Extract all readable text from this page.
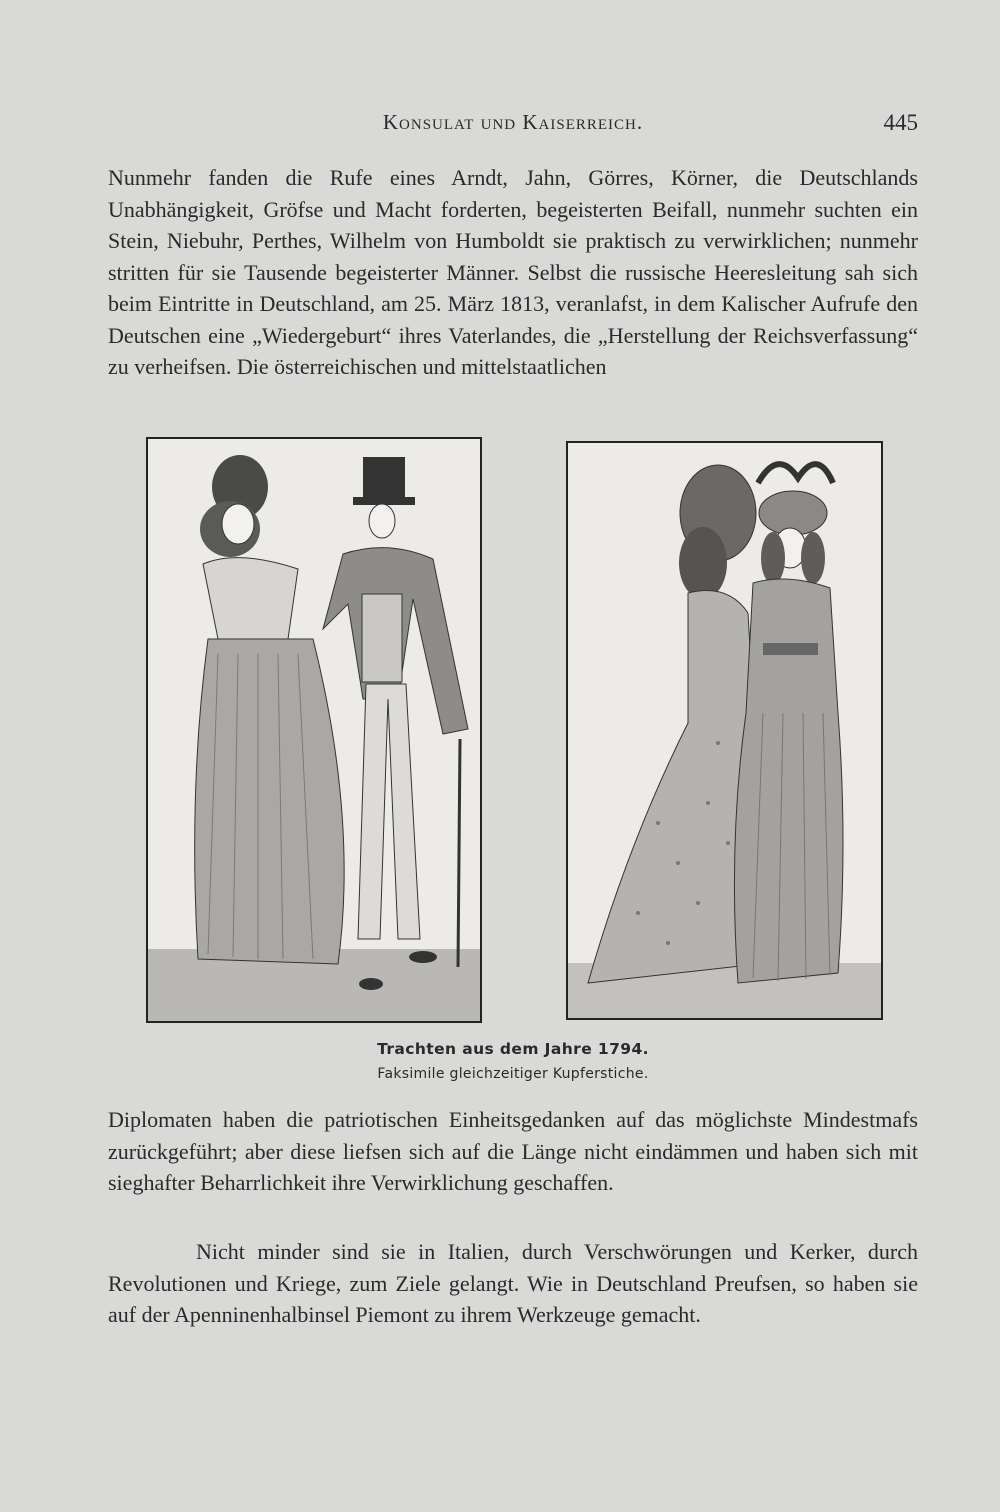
Konsulat und Kaiserreich.	445

Nunmehr fanden die Rufe eines Arndt, Jahn, Görres, Körner, die Deutschlands Unabhängigkeit, Gröfse und Macht forderten, begeisterten Beifall, nunmehr suchten ein Stein, Niebuhr, Perthes, Wilhelm von Humboldt sie praktisch zu verwirklichen; nunmehr stritten für sie Tausende begeisterter Männer. Selbst die russische Heeresleitung sah sich beim Eintritte in Deutschland, am 25. März 1813, veranlafst, in dem Kalischer Aufrufe den Deutschen eine „Wiedergeburt“ ihres Vaterlandes, die „Herstellung der Reichsverfassung“ zu verheifsen. Die österreichischen und mittelstaatlichen

Trachten aus dem Jahre 1794.
Faksimile gleichzeitiger Kupferstiche.

Diplomaten haben die patriotischen Einheitsgedanken auf das möglichste Mindestmafs zurückgeführt; aber diese liefsen sich auf die Länge nicht eindämmen und haben sich mit sieghafter Beharrlichkeit ihre Verwirklichung geschaffen.

Nicht minder sind sie in Italien, durch Verschwörungen und Kerker, durch Revolutionen und Kriege, zum Ziele gelangt. Wie in Deutschland Preufsen, so haben sie auf der Apenninenhalbinsel Piemont zu ihrem Werkzeuge gemacht.
